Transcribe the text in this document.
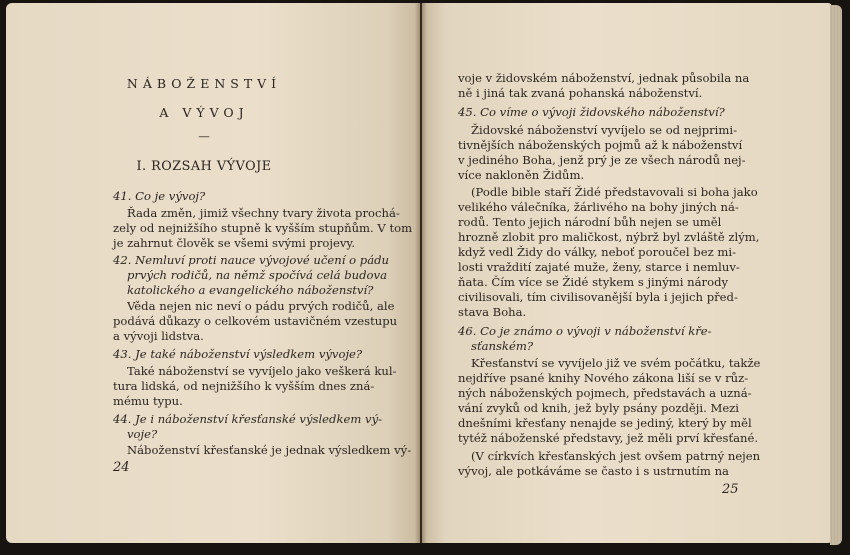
NÁBOŽENSTVÍ
A VÝVOJ
—
I. ROZSAH VÝVOJE
41. Co je vývoj?
Řada změn, jimiž všechny tvary života prochá-
zely od nejnižšího stupně k vyšším stupňům. V tom
je zahrnut člověk se všemi svými projevy.
42. Nemluví proti nauce vývojové učení o pádu
prvých rodičů, na němž spočívá celá budova
katolického a evangelického náboženství?
Věda nejen nic neví o pádu prvých rodičů, ale
podává důkazy o celkovém ustavičném vzestupu
a vývoji lidstva.
43. Je také náboženství výsledkem vývoje?
Také náboženství se vyvíjelo jako veškerá kul-
tura lidská, od nejnižšího k vyšším dnes zná-
mému typu.
44. Je i náboženství křesťanské výsledkem vý-
voje?
Náboženství křesťanské je jednak výsledkem vý-
24
voje v židovském náboženství, jednak působila na
ně i jiná tak zvaná pohanská náboženství.
45. Co víme o vývoji židovského náboženství?
Židovské náboženství vyvíjelo se od nejprimi-
tivnějších náboženských pojmů až k náboženství
v jediného Boha, jenž prý je ze všech národů nej-
více nakloněn Židům.
(Podle bible staří Židé představovali si boha jako
velikého válečníka, žárlivého na bohy jiných ná-
rodů. Tento jejich národní bůh nejen se uměl
hrozně zlobit pro maličkost, nýbrž byl zvláště zlým,
když vedl Židy do války, neboť poroučel bez mi-
losti vraždití zajaté muže, ženy, starce i nemluv-
ňata. Čím více se Židé stykem s jinými národy
civilisovali, tím civilisovanější byla i jejich před-
stava Boha.
46. Co je známo o vývoji v náboženství kře-
sťanském?
Křesťanství se vyvíjelo již ve svém počátku, takže
nejdříve psané knihy Nového zákona liší se v růz-
ných náboženských pojmech, představách a uzná-
vání zvyků od knih, jež byly psány později. Mezi
dnešními křesťany nenajde se jediný, který by měl
tytéž náboženské představy, jež měli prví křesťané.
(V církvích křesťanských jest ovšem patrný nejen
vývoj, ale potkáváme se často i s ustrnutím na
25
